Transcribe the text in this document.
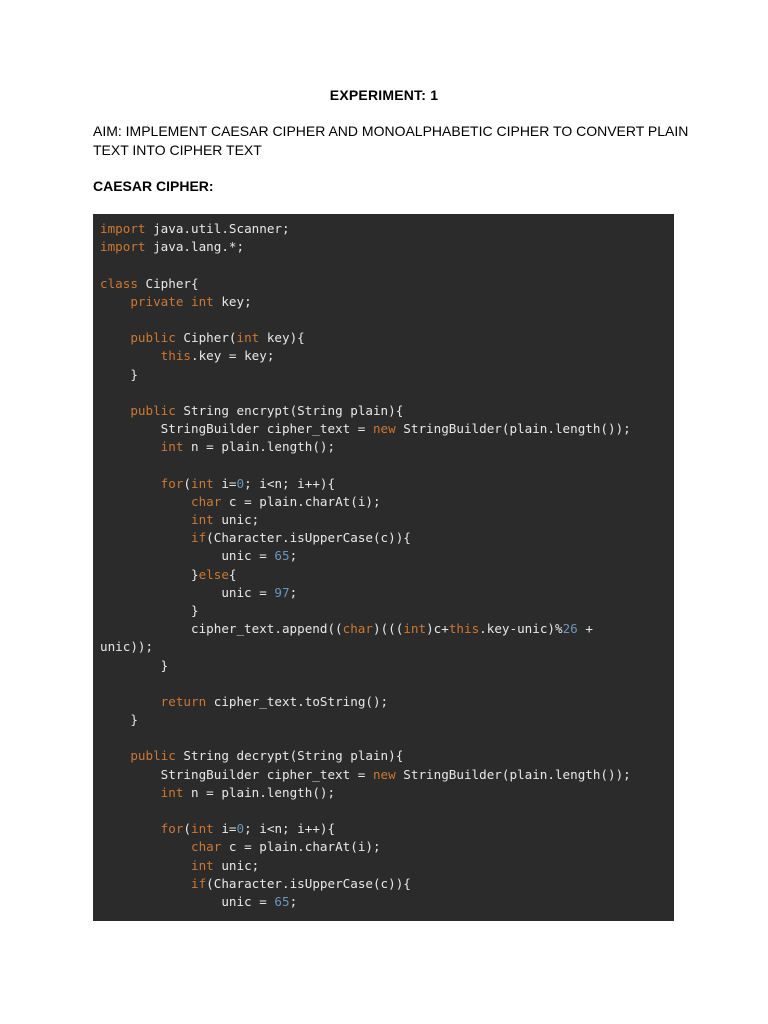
EXPERIMENT: 1
AIM: IMPLEMENT CAESAR CIPHER AND MONOALPHABETIC CIPHER TO CONVERT PLAIN TEXT INTO CIPHER TEXT
CAESAR CIPHER:
import java.util.Scanner;
import java.lang.*;

class Cipher{
private int key;

public Cipher(int key){
this.key = key;
}

public String encrypt(String plain){
StringBuilder cipher_text = new StringBuilder(plain.length());
int n = plain.length();

for(int i=0; i<n; i++){
char c = plain.charAt(i);
int unic;
if(Character.isUpperCase(c)){
unic = 65;
}else{
unic = 97;
}
cipher_text.append((char)(((int)c+this.key-unic)%26 +
unic));
}

return cipher_text.toString();
}

public String decrypt(String plain){
StringBuilder cipher_text = new StringBuilder(plain.length());
int n = plain.length();

for(int i=0; i<n; i++){
char c = plain.charAt(i);
int unic;
if(Character.isUpperCase(c)){
unic = 65;
